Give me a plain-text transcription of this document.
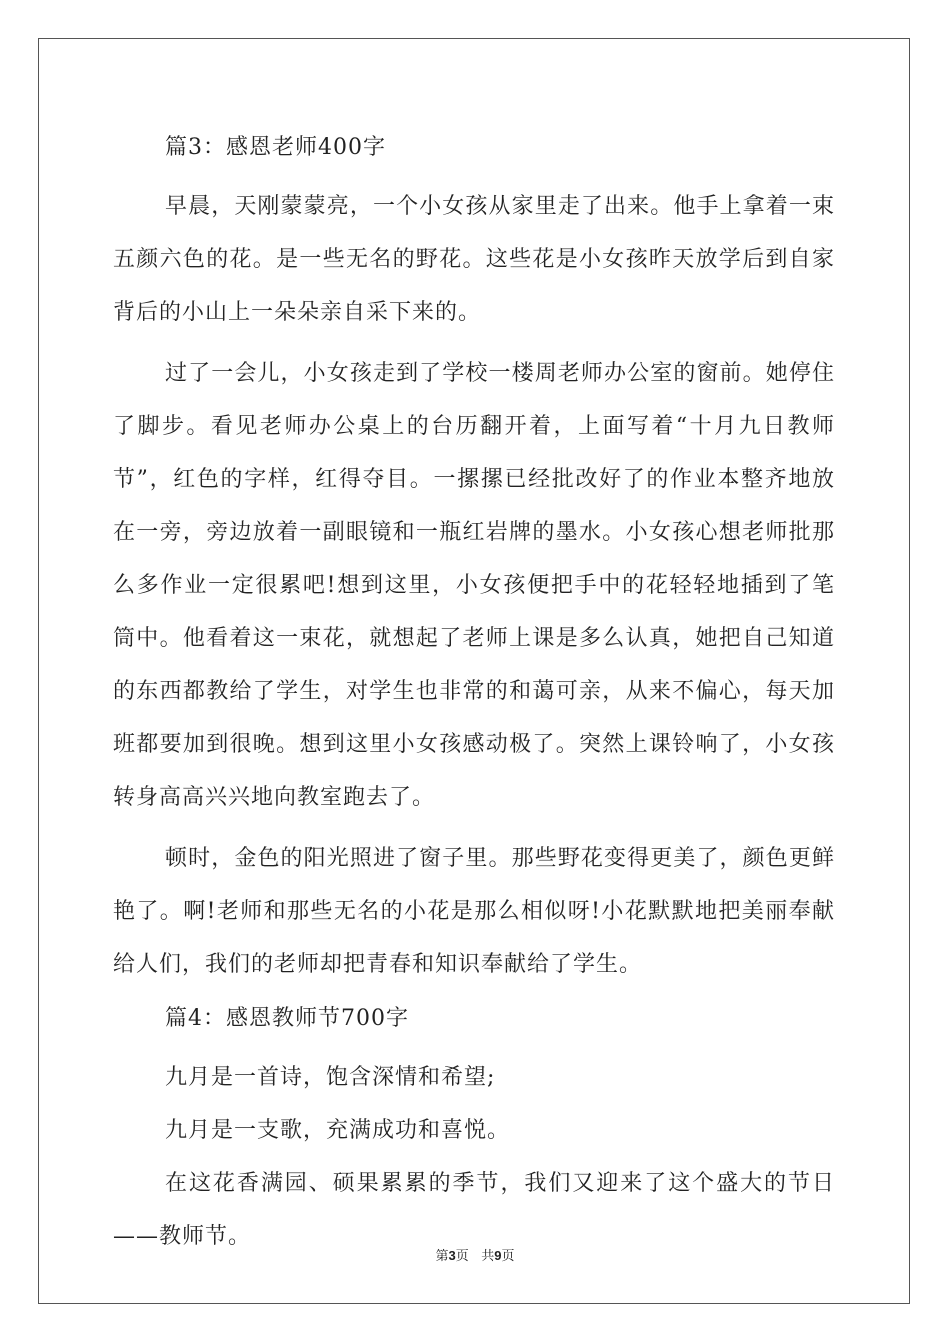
篇3：感恩老师400字

早晨，天刚蒙蒙亮，一个小女孩从家里走了出来。他手上拿着一束五颜六色的花。是一些无名的野花。这些花是小女孩昨天放学后到自家背后的小山上一朵朵亲自采下来的。

过了一会儿，小女孩走到了学校一楼周老师办公室的窗前。她停住了脚步。看见老师办公桌上的台历翻开着，上面写着“十月九日教师节”，红色的字样，红得夺目。一摞摞已经批改好了的作业本整齐地放在一旁，旁边放着一副眼镜和一瓶红岩牌的墨水。小女孩心想老师批那么多作业一定很累吧!想到这里，小女孩便把手中的花轻轻地插到了笔筒中。他看着这一束花，就想起了老师上课是多么认真，她把自己知道的东西都教给了学生，对学生也非常的和蔼可亲，从来不偏心，每天加班都要加到很晚。想到这里小女孩感动极了。突然上课铃响了，小女孩转身高高兴兴地向教室跑去了。

顿时，金色的阳光照进了窗子里。那些野花变得更美了，颜色更鲜艳了。啊!老师和那些无名的小花是那么相似呀!小花默默地把美丽奉献给人们，我们的老师却把青春和知识奉献给了学生。

篇4：感恩教师节700字

九月是一首诗，饱含深情和希望;

九月是一支歌，充满成功和喜悦。

在这花香满园、硕果累累的季节，我们又迎来了这个盛大的节日——教师节。

第3页 共9页
